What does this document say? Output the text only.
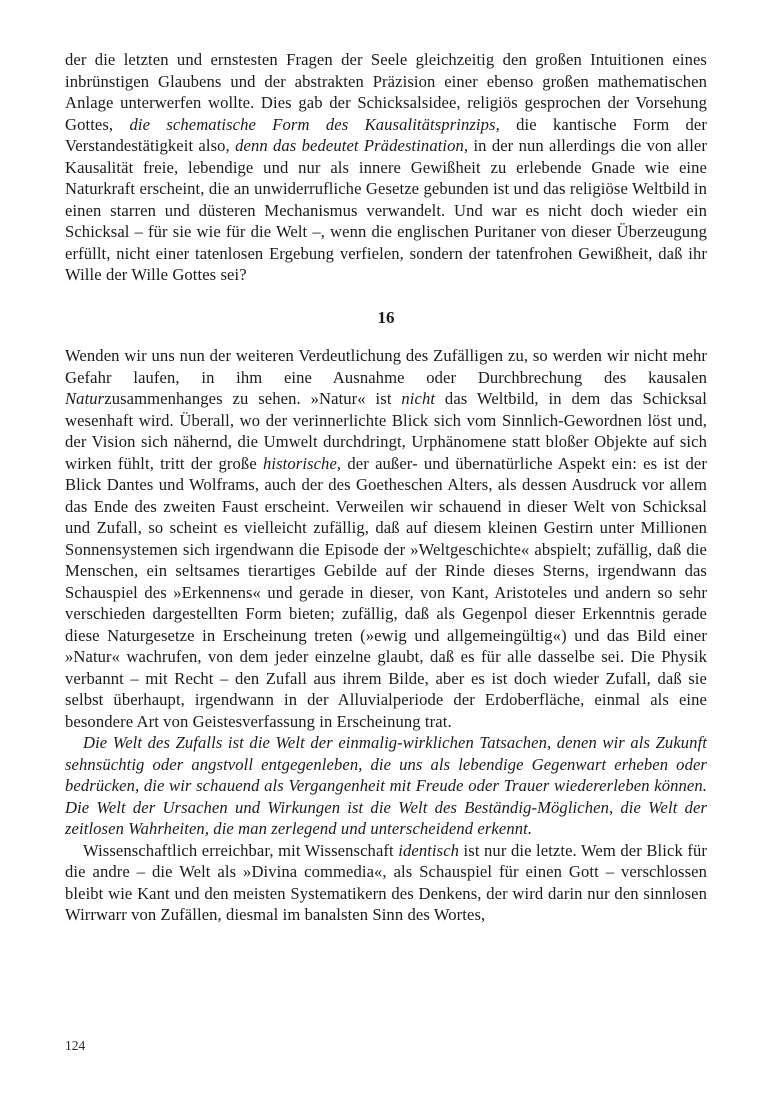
der die letzten und ernstesten Fragen der Seele gleichzeitig den großen Intuitionen eines inbrünstigen Glaubens und der abstrakten Präzision einer ebenso großen mathematischen Anlage unterwerfen wollte. Dies gab der Schicksalsidee, religiös gesprochen der Vorsehung Gottes, die schematische Form des Kausalitätsprinzips, die kantische Form der Verstandestätigkeit also, denn das bedeutet Prädestination, in der nun allerdings die von aller Kausalität freie, lebendige und nur als innere Gewißheit zu erlebende Gnade wie eine Naturkraft erscheint, die an unwiderrufliche Gesetze gebunden ist und das religiöse Weltbild in einen starren und düsteren Mechanismus verwandelt. Und war es nicht doch wieder ein Schicksal – für sie wie für die Welt –, wenn die englischen Puritaner von dieser Überzeugung erfüllt, nicht einer tatenlosen Ergebung verfielen, sondern der tatenfrohen Gewißheit, daß ihr Wille der Wille Gottes sei?

16

Wenden wir uns nun der weiteren Verdeutlichung des Zufälligen zu, so werden wir nicht mehr Gefahr laufen, in ihm eine Ausnahme oder Durchbrechung des kausalen Naturzusammenhanges zu sehen. »Natur« ist nicht das Weltbild, in dem das Schicksal wesenhaft wird. Überall, wo der verinnerlichte Blick sich vom Sinnlich-Gewordnen löst und, der Vision sich nähernd, die Umwelt durchdringt, Urphänomene statt bloßer Objekte auf sich wirken fühlt, tritt der große historische, der außer- und übernatürliche Aspekt ein: es ist der Blick Dantes und Wolframs, auch der des Goetheschen Alters, als dessen Ausdruck vor allem das Ende des zweiten Faust erscheint. Verweilen wir schauend in dieser Welt von Schicksal und Zufall, so scheint es vielleicht zufällig, daß auf diesem kleinen Gestirn unter Millionen Sonnensystemen sich irgendwann die Episode der »Weltgeschichte« abspielt; zufällig, daß die Menschen, ein seltsames tierartiges Gebilde auf der Rinde dieses Sterns, irgendwann das Schauspiel des »Erkennens« und gerade in dieser, von Kant, Aristoteles und andern so sehr verschieden dargestellten Form bieten; zufällig, daß als Gegenpol dieser Erkenntnis gerade diese Naturgesetze in Erscheinung treten (»ewig und allgemeingültig«) und das Bild einer »Natur« wachrufen, von dem jeder einzelne glaubt, daß es für alle dasselbe sei. Die Physik verbannt – mit Recht – den Zufall aus ihrem Bilde, aber es ist doch wieder Zufall, daß sie selbst überhaupt, irgendwann in der Alluvialperiode der Erdoberfläche, einmal als eine besondere Art von Geistesverfassung in Erscheinung trat.

Die Welt des Zufalls ist die Welt der einmalig-wirklichen Tatsachen, denen wir als Zukunft sehnsüchtig oder angstvoll entgegenleben, die uns als lebendige Gegenwart erheben oder bedrücken, die wir schauend als Vergangenheit mit Freude oder Trauer wiedererleben können. Die Welt der Ursachen und Wirkungen ist die Welt des Beständig-Möglichen, die Welt der zeitlosen Wahrheiten, die man zerlegend und unterscheidend erkennt.

Wissenschaftlich erreichbar, mit Wissenschaft identisch ist nur die letzte. Wem der Blick für die andre – die Welt als »Divina commedia«, als Schauspiel für einen Gott – verschlossen bleibt wie Kant und den meisten Systematikern des Denkens, der wird darin nur den sinnlosen Wirrwarr von Zufällen, diesmal im banalsten Sinn des Wortes,

124
